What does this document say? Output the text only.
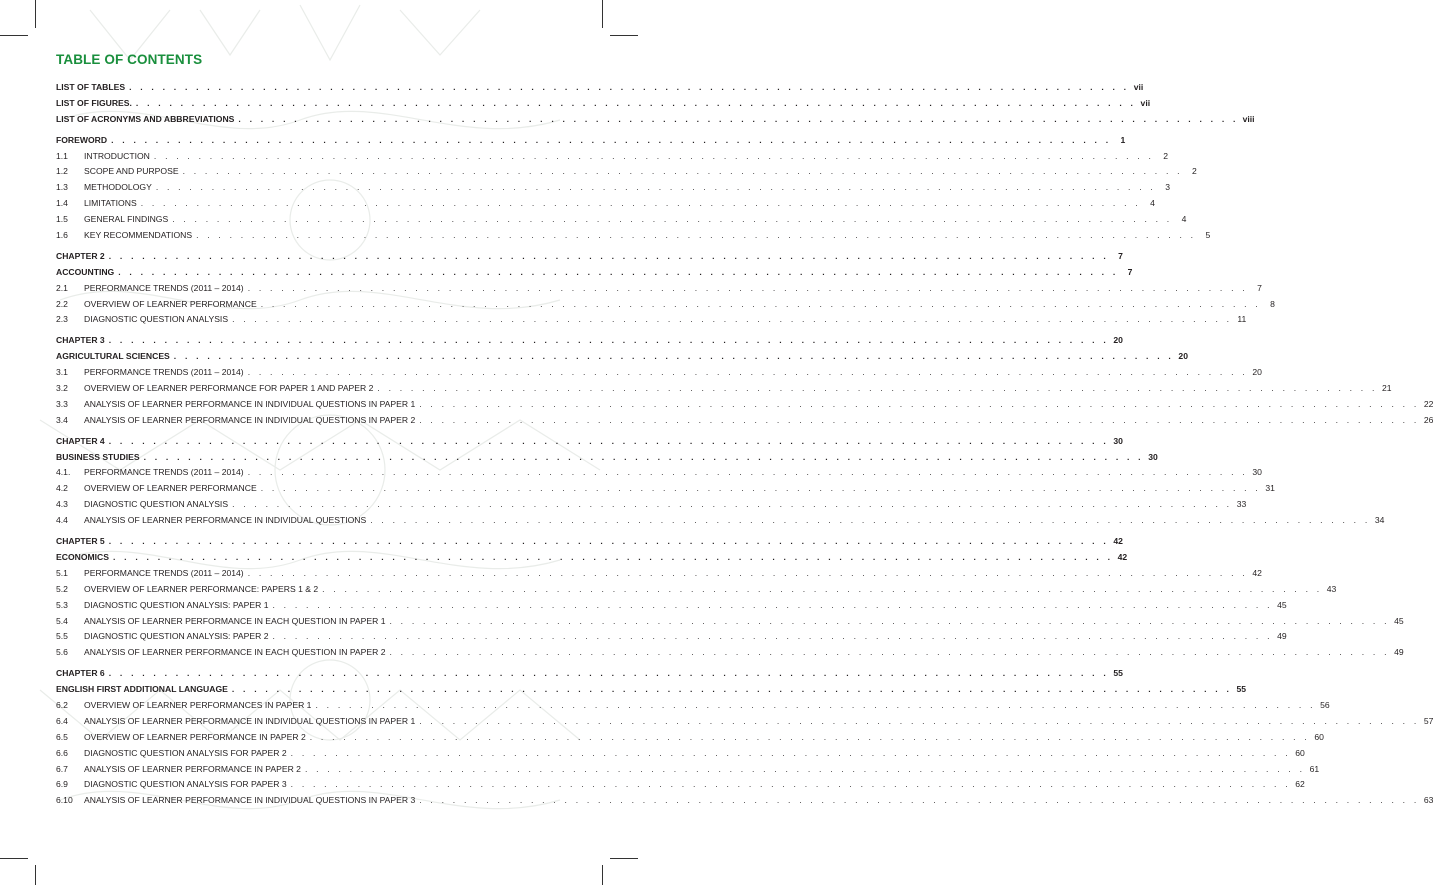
TABLE OF CONTENTS
LIST OF TABLES . . . . . . . . . . . . . . . . . . . . . . . . . . . . . . . . . . . . . . . . . . . . . . . . . . . . . . . . . . . . . . . . . . . . . . . . . . . . . . . . . . . . . . . . . . vii
LIST OF FIGURES. . . . . . . . . . . . . . . . . . . . . . . . . . . . . . . . . . . . . . . . . . . . . . . . . . . . . . . . . . . . . . . . . . . . . . . . . . . . . . . . . . . . . . . . . . . vii
LIST OF ACRONYMS AND ABBREVIATIONS . . . . . . . . . . . . . . . . . . . . . . . . . . . . . . . . . . . . . . . . . . . . . . . . . . . . . . . . . . . . . . . . . . . . . . . . . . . . . . . . . . . . . . . . . . viii
FOREWORD . . . . . . . . . . . . . . . . . . . . . . . . . . . . . . . . . . . . . . . . . . . . . . . . . . . . . . . . . . . . . . . . . . . . . . . . . . . . . . . . . . . . . . . . . .	1
1.1	INTRODUCTION . . . . . . . . . . . . . . . . . . . . . . . . . . . . . . . . . . . . . . . . . . . . . . . . . . . . . . . . . . . . . . . . . . . . . . . . . . . . . . . . . . . . . . . . . .	2
1.2	SCOPE AND PURPOSE . . . . . . . . . . . . . . . . . . . . . . . . . . . . . . . . . . . . . . . . . . . . . . . . . . . . . . . . . . . . . . . . . . . . . . . . . . . . . . . . . . . . . . . . . .	2
1.3	METHODOLOGY . . . . . . . . . . . . . . . . . . . . . . . . . . . . . . . . . . . . . . . . . . . . . . . . . . . . . . . . . . . . . . . . . . . . . . . . . . . . . . . . . . . . . . . . . .	3
1.4	LIMITATIONS . . . . . . . . . . . . . . . . . . . . . . . . . . . . . . . . . . . . . . . . . . . . . . . . . . . . . . . . . . . . . . . . . . . . . . . . . . . . . . . . . . . . . . . . . .	4
1.5	GENERAL FINDINGS . . . . . . . . . . . . . . . . . . . . . . . . . . . . . . . . . . . . . . . . . . . . . . . . . . . . . . . . . . . . . . . . . . . . . . . . . . . . . . . . . . . . . . . . . .	4
1.6	KEY RECOMMENDATIONS . . . . . . . . . . . . . . . . . . . . . . . . . . . . . . . . . . . . . . . . . . . . . . . . . . . . . . . . . . . . . . . . . . . . . . . . . . . . . . . . . . . . . . . . . .	5
CHAPTER 2 . . . . . . . . . . . . . . . . . . . . . . . . . . . . . . . . . . . . . . . . . . . . . . . . . . . . . . . . . . . . . . . . . . . . . . . . . . . . . . . . . . . . . . . . . .	7
ACCOUNTING . . . . . . . . . . . . . . . . . . . . . . . . . . . . . . . . . . . . . . . . . . . . . . . . . . . . . . . . . . . . . . . . . . . . . . . . . . . . . . . . . . . . . . . . . .	7
2.1	PERFORMANCE TRENDS (2011 – 2014) . . . . . . . . . . . . . . . . . . . . . . . . . . . . . . . . . . . . . . . . . . . . . . . . . . . . . . . . . . . . . . . . . . . . . . . . . . . . . . . . . . . . . . . . . .	7
2.2	OVERVIEW OF LEARNER PERFORMANCE . . . . . . . . . . . . . . . . . . . . . . . . . . . . . . . . . . . . . . . . . . . . . . . . . . . . . . . . . . . . . . . . . . . . . . . . . . . . . . . . . . . . . . . . . .	8
2.3	DIAGNOSTIC QUESTION ANALYSIS . . . . . . . . . . . . . . . . . . . . . . . . . . . . . . . . . . . . . . . . . . . . . . . . . . . . . . . . . . . . . . . . . . . . . . . . . . . . . . . . . . . . . . . . . . 11
CHAPTER 3 . . . . . . . . . . . . . . . . . . . . . . . . . . . . . . . . . . . . . . . . . . . . . . . . . . . . . . . . . . . . . . . . . . . . . . . . . . . . . . . . . . . . . . . . . . 20
AGRICULTURAL SCIENCES . . . . . . . . . . . . . . . . . . . . . . . . . . . . . . . . . . . . . . . . . . . . . . . . . . . . . . . . . . . . . . . . . . . . . . . . . . . . . . . . . . . . . . . . . . 20
3.1	PERFORMANCE TRENDS (2011 – 2014) . . . . . . . . . . . . . . . . . . . . . . . . . . . . . . . . . . . . . . . . . . . . . . . . . . . . . . . . . . . . . . . . . . . . . . . . . . . . . . . . . . . . . . . . . . 20
3.2	OVERVIEW OF LEARNER PERFORMANCE FOR PAPER 1 AND PAPER 2 . . . . . . . . . . . . . . . . . . . . . . . . . . . . . . . . . . . . . . . . . . . . . . . . . . . . . . . . . . . . . . . . . . . . . . . . . . . . . . . . . . . . . . . . . . 21
3.3	ANALYSIS OF LEARNER PERFORMANCE IN INDIVIDUAL QUESTIONS IN PAPER 1 . . . . . . . . . . . . . . . . . . . . . . . . . . . . . . . . . . . . . . . . . . . . . . . . . . . . . . . . . . . . . . . . . . . . . . . . . . . . . . . . . . . . . . . . . . 22
3.4	ANALYSIS OF LEARNER PERFORMANCE IN INDIVIDUAL QUESTIONS IN PAPER 2 . . . . . . . . . . . . . . . . . . . . . . . . . . . . . . . . . . . . . . . . . . . . . . . . . . . . . . . . . . . . . . . . . . . . . . . . . . . . . . . . . . . . . . . . . . 26
CHAPTER 4 . . . . . . . . . . . . . . . . . . . . . . . . . . . . . . . . . . . . . . . . . . . . . . . . . . . . . . . . . . . . . . . . . . . . . . . . . . . . . . . . . . . . . . . . . . 30
BUSINESS STUDIES . . . . . . . . . . . . . . . . . . . . . . . . . . . . . . . . . . . . . . . . . . . . . . . . . . . . . . . . . . . . . . . . . . . . . . . . . . . . . . . . . . . . . . . . . . 30
4.1.	PERFORMANCE TRENDS (2011 – 2014) . . . . . . . . . . . . . . . . . . . . . . . . . . . . . . . . . . . . . . . . . . . . . . . . . . . . . . . . . . . . . . . . . . . . . . . . . . . . . . . . . . . . . . . . . . 30
4.2	OVERVIEW OF LEARNER PERFORMANCE . . . . . . . . . . . . . . . . . . . . . . . . . . . . . . . . . . . . . . . . . . . . . . . . . . . . . . . . . . . . . . . . . . . . . . . . . . . . . . . . . . . . . . . . . . 31
4.3	DIAGNOSTIC QUESTION ANALYSIS . . . . . . . . . . . . . . . . . . . . . . . . . . . . . . . . . . . . . . . . . . . . . . . . . . . . . . . . . . . . . . . . . . . . . . . . . . . . . . . . . . . . . . . . . . 33
4.4	ANALYSIS OF LEARNER PERFORMANCE IN INDIVIDUAL QUESTIONS . . . . . . . . . . . . . . . . . . . . . . . . . . . . . . . . . . . . . . . . . . . . . . . . . . . . . . . . . . . . . . . . . . . . . . . . . . . . . . . . . . . . . . . . . . 34
CHAPTER 5 . . . . . . . . . . . . . . . . . . . . . . . . . . . . . . . . . . . . . . . . . . . . . . . . . . . . . . . . . . . . . . . . . . . . . . . . . . . . . . . . . . . . . . . . . . 42
ECONOMICS . . . . . . . . . . . . . . . . . . . . . . . . . . . . . . . . . . . . . . . . . . . . . . . . . . . . . . . . . . . . . . . . . . . . . . . . . . . . . . . . . . . . . . . . . . 42
5.1	PERFORMANCE TRENDS (2011 – 2014) . . . . . . . . . . . . . . . . . . . . . . . . . . . . . . . . . . . . . . . . . . . . . . . . . . . . . . . . . . . . . . . . . . . . . . . . . . . . . . . . . . . . . . . . . . 42
5.2	OVERVIEW OF LEARNER PERFORMANCE: PAPERS 1 & 2 . . . . . . . . . . . . . . . . . . . . . . . . . . . . . . . . . . . . . . . . . . . . . . . . . . . . . . . . . . . . . . . . . . . . . . . . . . . . . . . . . . . . . . . . . . 43
5.3	DIAGNOSTIC QUESTION ANALYSIS: PAPER 1 . . . . . . . . . . . . . . . . . . . . . . . . . . . . . . . . . . . . . . . . . . . . . . . . . . . . . . . . . . . . . . . . . . . . . . . . . . . . . . . . . . . . . . . . . . 45
5.4	ANALYSIS OF LEARNER PERFORMANCE IN EACH QUESTION IN PAPER 1 . . . . . . . . . . . . . . . . . . . . . . . . . . . . . . . . . . . . . . . . . . . . . . . . . . . . . . . . . . . . . . . . . . . . . . . . . . . . . . . . . . . . . . . . . . 45
5.5	DIAGNOSTIC QUESTION ANALYSIS: PAPER 2 . . . . . . . . . . . . . . . . . . . . . . . . . . . . . . . . . . . . . . . . . . . . . . . . . . . . . . . . . . . . . . . . . . . . . . . . . . . . . . . . . . . . . . . . . . 49
5.6	ANALYSIS OF LEARNER PERFORMANCE IN EACH QUESTION IN PAPER 2 . . . . . . . . . . . . . . . . . . . . . . . . . . . . . . . . . . . . . . . . . . . . . . . . . . . . . . . . . . . . . . . . . . . . . . . . . . . . . . . . . . . . . . . . . . 49
CHAPTER 6 . . . . . . . . . . . . . . . . . . . . . . . . . . . . . . . . . . . . . . . . . . . . . . . . . . . . . . . . . . . . . . . . . . . . . . . . . . . . . . . . . . . . . . . . . . 55
ENGLISH FIRST ADDITIONAL LANGUAGE . . . . . . . . . . . . . . . . . . . . . . . . . . . . . . . . . . . . . . . . . . . . . . . . . . . . . . . . . . . . . . . . . . . . . . . . . . . . . . . . . . . . . . . . . . 55
6.2	OVERVIEW OF LEARNER PERFORMANCES IN PAPER 1 . . . . . . . . . . . . . . . . . . . . . . . . . . . . . . . . . . . . . . . . . . . . . . . . . . . . . . . . . . . . . . . . . . . . . . . . . . . . . . . . . . . . . . . . . . 56
6.4	ANALYSIS OF LEARNER PERFORMANCE IN INDIVIDUAL QUESTIONS IN PAPER 1 . . . . . . . . . . . . . . . . . . . . . . . . . . . . . . . . . . . . . . . . . . . . . . . . . . . . . . . . . . . . . . . . . . . . . . . . . . . . . . . . . . . . . . . . . . 57
6.5	OVERVIEW OF LEARNER PERFORMANCE IN PAPER 2 . . . . . . . . . . . . . . . . . . . . . . . . . . . . . . . . . . . . . . . . . . . . . . . . . . . . . . . . . . . . . . . . . . . . . . . . . . . . . . . . . . . . . . . . . . 60
6.6	DIAGNOSTIC QUESTION ANALYSIS FOR PAPER 2 . . . . . . . . . . . . . . . . . . . . . . . . . . . . . . . . . . . . . . . . . . . . . . . . . . . . . . . . . . . . . . . . . . . . . . . . . . . . . . . . . . . . . . . . . . 60
6.7	ANALYSIS OF LEARNER PERFORMANCE IN PAPER 2 . . . . . . . . . . . . . . . . . . . . . . . . . . . . . . . . . . . . . . . . . . . . . . . . . . . . . . . . . . . . . . . . . . . . . . . . . . . . . . . . . . . . . . . . . . 61
6.9	DIAGNOSTIC QUESTION ANALYSIS FOR PAPER 3 . . . . . . . . . . . . . . . . . . . . . . . . . . . . . . . . . . . . . . . . . . . . . . . . . . . . . . . . . . . . . . . . . . . . . . . . . . . . . . . . . . . . . . . . . . 62
6.10	ANALYSIS OF LEARNER PERFORMANCE IN INDIVIDUAL QUESTIONS IN PAPER 3 . . . . . . . . . . . . . . . . . . . . . . . . . . . . . . . . . . . . . . . . . . . . . . . . . . . . . . . . . . . . . . . . . . . . . . . . . . . . . . . . . . . . . . . . . . 63
